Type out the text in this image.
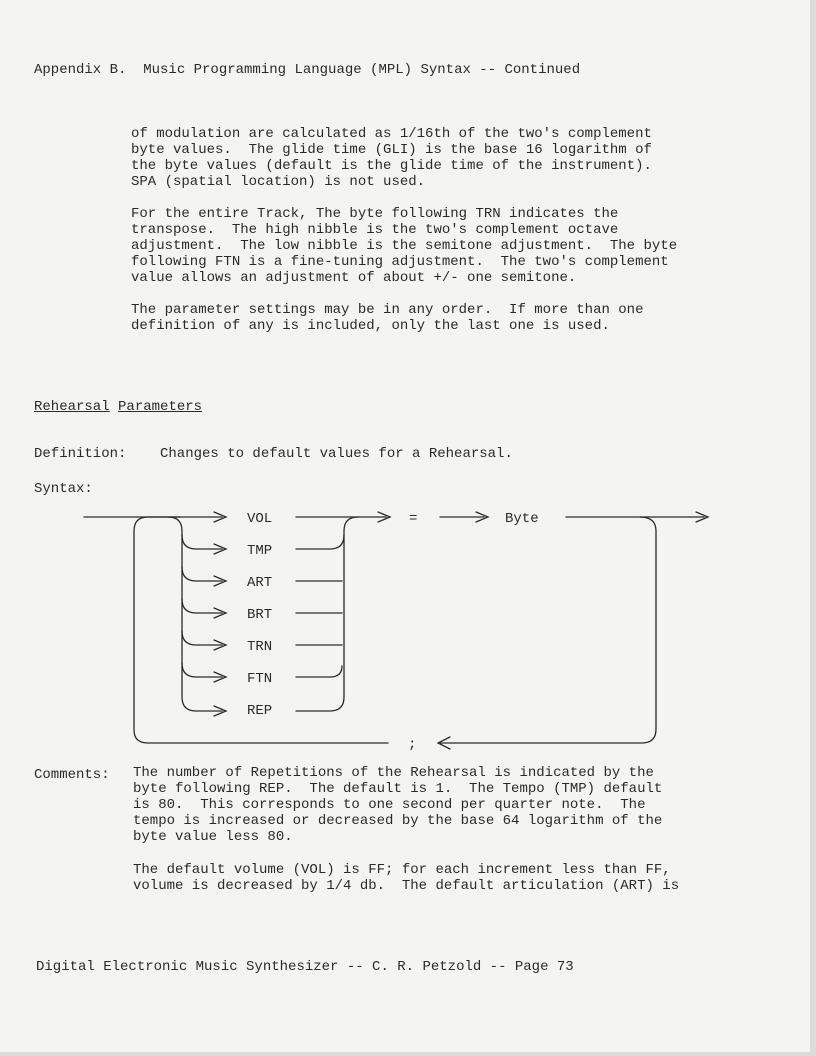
Appendix B.  Music Programming Language (MPL) Syntax -- Continued
of modulation are calculated as 1/16th of the two's complement
byte values.  The glide time (GLI) is the base 16 logarithm of
the byte values (default is the glide time of the instrument).
SPA (spatial location) is not used.
For the entire Track, The byte following TRN indicates the
transpose.  The high nibble is the two's complement octave
adjustment.  The low nibble is the semitone adjustment.  The byte
following FTN is a fine-tuning adjustment.  The two's complement
value allows an adjustment of about +/- one semitone.
The parameter settings may be in any order.  If more than one
definition of any is included, only the last one is used.
Rehearsal Parameters
Definition: Changes to default values for a Rehearsal.
Syntax:
VOL
TMP
ART
BRT
TRN
FTN
REP
=	Byte
;
Comments: The number of Repetitions of the Rehearsal is indicated by the
byte following REP.  The default is 1.  The Tempo (TMP) default
is 80.  This corresponds to one second per quarter note.  The
tempo is increased or decreased by the base 64 logarithm of the
byte value less 80.
The default volume (VOL) is FF; for each increment less than FF,
volume is decreased by 1/4 db.  The default articulation (ART) is
Digital Electronic Music Synthesizer -- C. R. Petzold -- Page 73
